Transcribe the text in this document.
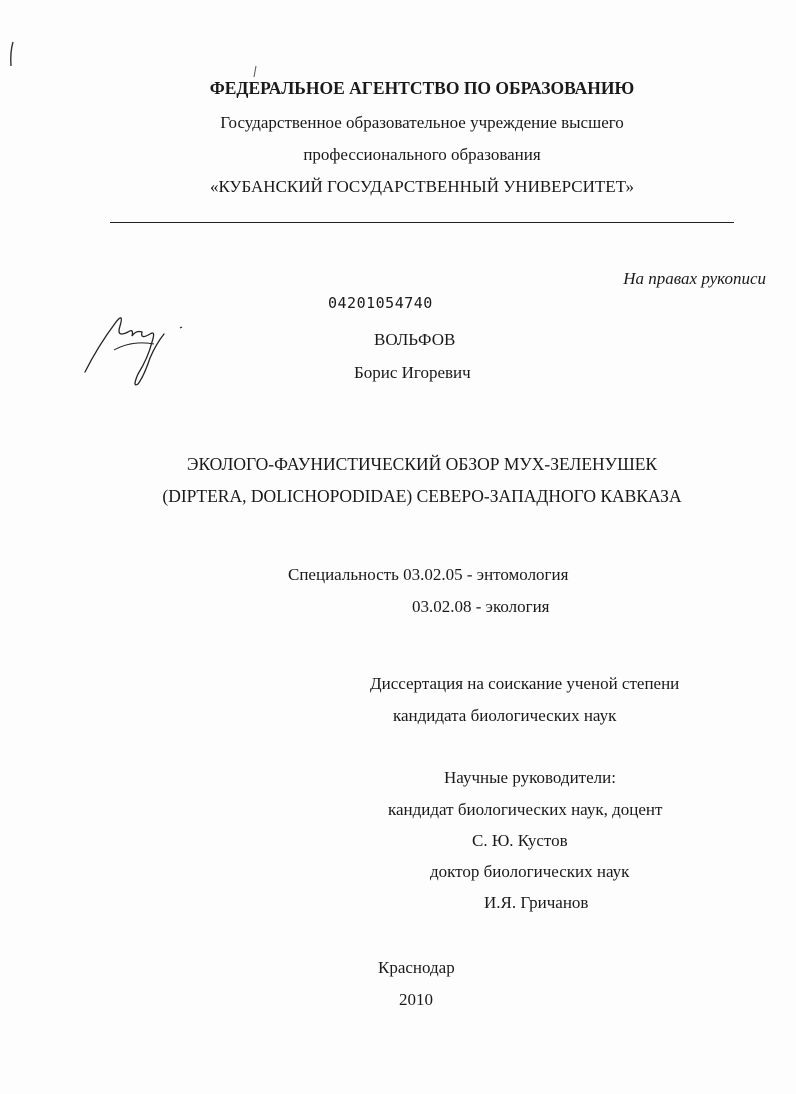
ФЕДЕРАЛЬНОЕ АГЕНТСТВО ПО ОБРАЗОВАНИЮ
Государственное образовательное учреждение высшего
профессионального образования
«КУБАНСКИЙ ГОСУДАРСТВЕННЫЙ УНИВЕРСИТЕТ»
На правах рукописи
04201054740
ВОЛЬФОВ
Борис Игоревич
ЭКОЛОГО-ФАУНИСТИЧЕСКИЙ ОБЗОР МУХ-ЗЕЛЕНУШЕК
(DIPTERA, DOLICHOPODIDAE) СЕВЕРО-ЗАПАДНОГО КАВКАЗА
Специальность 03.02.05 - энтомология
03.02.08 - экология
Диссертация на соискание ученой степени
кандидата биологических наук
Научные руководители:
кандидат биологических наук, доцент
С. Ю. Кустов
доктор биологических наук
И.Я. Гричанов
Краснодар
2010
